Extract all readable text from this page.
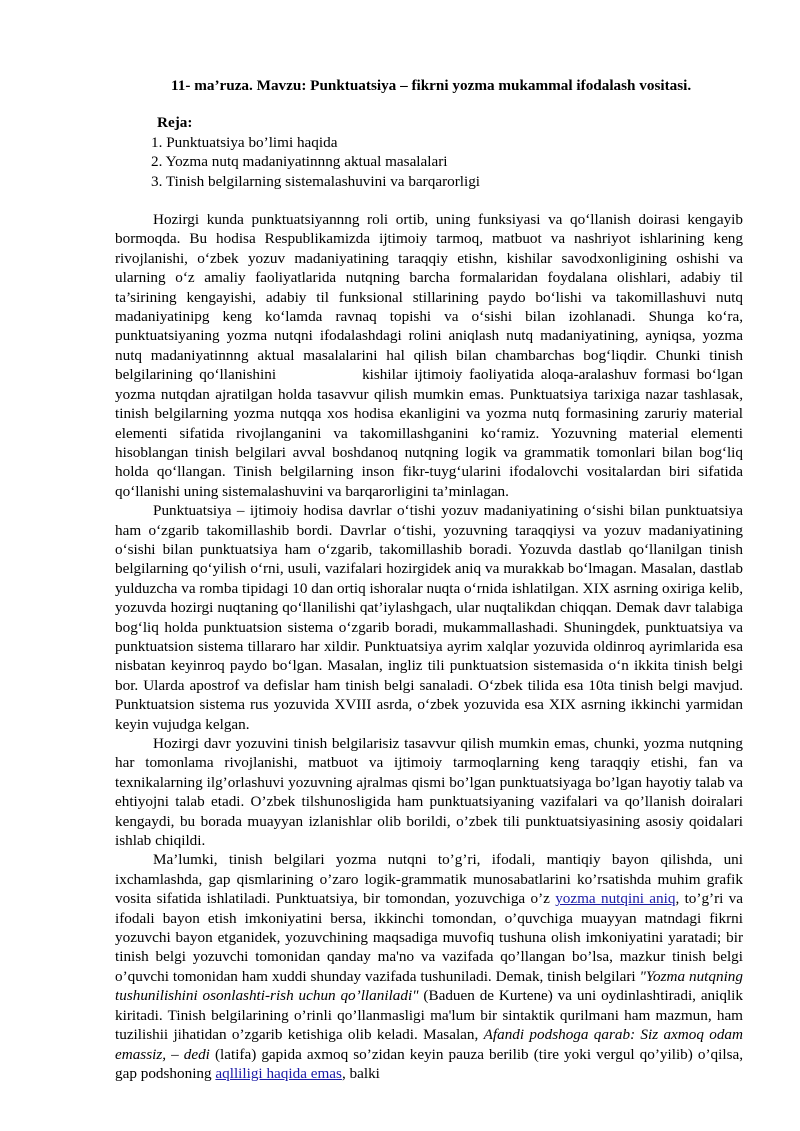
11- ma’ruza. Mavzu: Punktuatsiya – fikrni yozma mukammal ifodalash vositasi.
Reja:
1. Punktuatsiya bo’limi haqida
2. Yozma nutq madaniyatinnng aktual masalalari
3. Tinish belgilarning sistemalashuvini va barqarorligi

Hozirgi kunda punktuatsiyannng roli ortib, uning funksiyasi va qo‘llanish doirasi kengayib bormoqda. Bu hodisa Respublikamizda ijtimoiy tarmoq, matbuot va nashriyot ishlarining keng rivojlanishi, o‘zbek yozuv madaniyatining taraqqiy etishn, kishilar savodxonligining oshishi va ularning o‘z amaliy faoliyatlarida nutqning barcha formalaridan foydalana olishlari, adabiy til ta’sirining kengayishi, adabiy til funksional stillarining paydo bo‘lishi va takomillashuvi nutq madaniyatinipg keng ko‘lamda ravnaq topishi va o‘sishi bilan izohlanadi. Shunga ko‘ra, punktuatsiyaning yozma nutqni ifodalashdagi rolini aniqlash nutq madaniyatining, ayniqsa, yozma nutq madaniyatinnng aktual masalalarini hal qilish bilan chambarchas bog‘liqdir. Chunki tinish belgilarining qo‘llanishini	kishilar ijtimoiy faoliyatida aloqa-aralashuv formasi bo‘lgan yozma nutqdan ajratilgan holda tasavvur qilish mumkin emas. Punktuatsiya tarixiga nazar tashlasak, tinish belgilarning yozma nutqqa xos hodisa ekanligini va yozma nutq formasining zaruriy material elementi sifatida rivojlanganini va takomillashganini ko‘ramiz. Yozuvning material elementi hisoblangan tinish belgilari avval boshdanoq nutqning logik va grammatik tomonlari bilan bog‘liq holda qo‘llangan. Tinish belgilarning inson fikr-tuyg‘ularini ifodalovchi vositalardan biri sifatida qo‘llanishi uning sistemalashuvini va barqarorligini ta’minlagan.

Punktuatsiya – ijtimoiy hodisa davrlar o‘tishi yozuv madaniyatining o‘sishi bilan punktuatsiya ham o‘zgarib takomillashib bordi. Davrlar o‘tishi, yozuvning taraqqiysi va yozuv madaniyatining o‘sishi bilan punktuatsiya ham o‘zgarib, takomillashib boradi. Yozuvda dastlab qo‘llanilgan tinish belgilarning qo‘yilish o‘rni, usuli, vazifalari hozirgidek aniq va murakkab bo‘lmagan. Masalan, dastlab yulduzcha va romba tipidagi 10 dan ortiq ishoralar nuqta o‘rnida ishlatilgan. XIX asrning oxiriga kelib, yozuvda hozirgi nuqtaning qo‘llanilishi qat’iylashgach, ular nuqtalikdan chiqqan. Demak davr talabiga bog‘liq holda punktuatsion sistema o‘zgarib boradi, mukammallashadi. Shuningdek, punktuatsiya va punktuatsion sistema tillararo har xildir. Punktuatsiya ayrim xalqlar yozuvida oldinroq ayrimlarida esa nisbatan keyinroq paydo bo‘lgan. Masalan, ingliz tili punktuatsion sistemasida o‘n ikkita tinish belgi bor. Ularda apostrof va defislar ham tinish belgi sanaladi. O‘zbek tilida esa 10ta tinish belgi mavjud. Punktuatsion sistema rus yozuvida XVIII asrda, o‘zbek yozuvida esa XIX asrning ikkinchi yarmidan keyin vujudga kelgan.

Hozirgi davr yozuvini tinish belgilarisiz tasavvur qilish mumkin emas, chunki, yozma nutqning har tomonlama rivojlanishi, matbuot va ijtimoiy tarmoqlarning keng taraqqiy etishi, fan va texnikalarning ilg’orlashuvi yozuvning ajralmas qismi bo’lgan punktuatsiyaga bo’lgan hayotiy talab va ehtiyojni talab etadi. O’zbek tilshunosligida ham punktuatsiyaning vazifalari va qo’llanish doiralari kengaydi, bu borada muayyan izlanishlar olib borildi, o’zbek tili punktuatsiyasining asosiy qoidalari ishlab chiqildi.

Ma’lumki, tinish belgilari yozma nutqni to’g’ri, ifodali, mantiqiy bayon qilishda, uni ixchamlashda, gap qismlarining o’zaro logik-grammatik munosabatlarini ko’rsatishda muhim grafik vosita sifatida ishlatiladi. Punktuatsiya, bir tomondan, yozuvchiga o’z yozma nutqini aniq, to’g’ri va ifodali bayon etish imkoniyatini bersa, ikkinchi tomondan, o’quvchiga muayyan matndagi fikrni yozuvchi bayon etganidek, yozuvchining maqsadiga muvofiq tushuna olish imkoniyatini yaratadi; bir tinish belgi yozuvchi tomonidan qanday ma'no va vazifada qo’llangan bo’lsa, mazkur tinish belgi o’quvchi tomonidan ham xuddi shunday vazifada tushuniladi. Demak, tinish belgilari "Yozma nutqning tushunilishini osonlashti-rish uchun qo’llaniladi" (Baduen de Kurtene) va uni oydinlashtiradi, aniqlik kiritadi. Tinish belgilarining o’rinli qo’llanmasligi ma'lum bir sintaktik qurilmani ham mazmun, ham tuzilishii jihatidan o’zgarib ketishiga olib keladi. Masalan, Afandi podshoga qarab: Siz axmoq odam emassiz, – dedi (latifa) gapida axmoq so’zidan keyin pauza berilib (tire yoki vergul qo’yilib) o’qilsa, gap podshoning aqlliligi haqida emas, balki
